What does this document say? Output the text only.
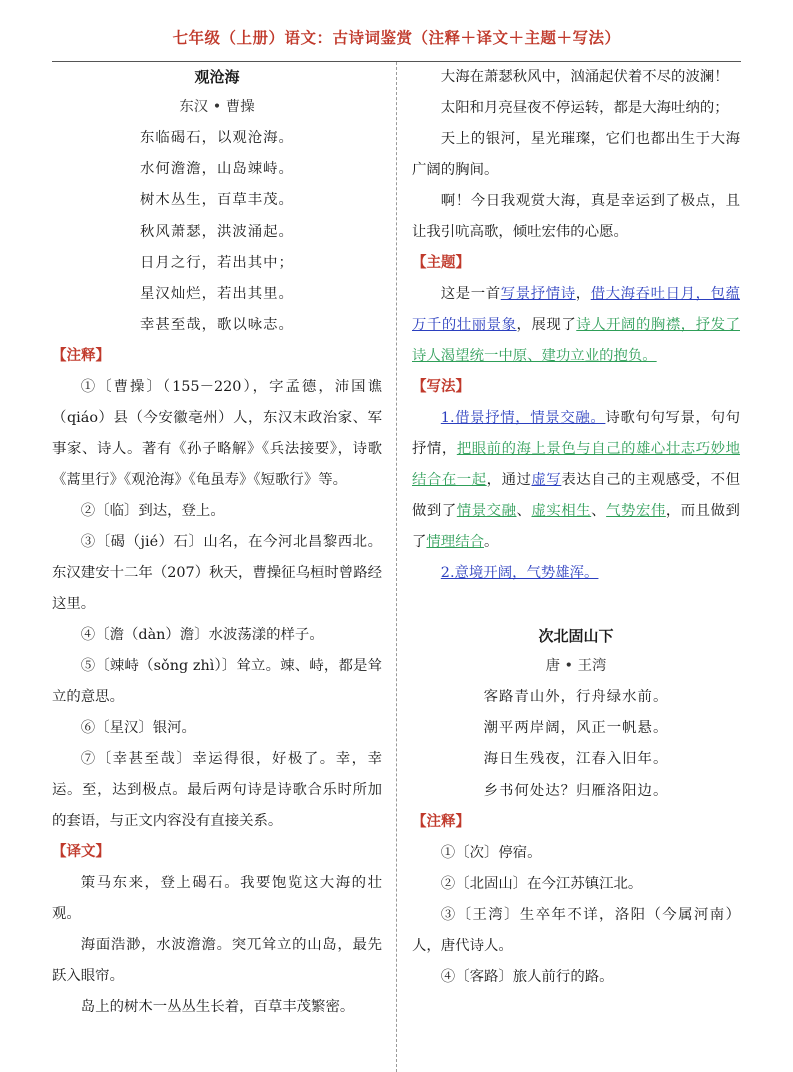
七年级（上册）语文：古诗词鉴赏（注释＋译文＋主题＋写法）
观沧海
东汉 • 曹操
东临碣石，以观沧海。
水何澹澹，山岛竦峙。
树木丛生，百草丰茂。
秋风萧瑟，洪波涌起。
日月之行，若出其中；
星汉灿烂，若出其里。
幸甚至哉，歌以咏志。
【注释】
①〔曹操〕（155－220），字孟德，沛国谯（qiáo）县（今安徽亳州）人，东汉末政治家、军事家、诗人。著有《孙子略解》《兵法接要》，诗歌《蒿里行》《观沧海》《龟虽寿》《短歌行》等。
②〔临〕到达，登上。
③〔碣（jié）石〕山名，在今河北昌黎西北。东汉建安十二年（207）秋天，曹操征乌桓时曾路经这里。
④〔澹（dàn）澹〕水波荡漾的样子。
⑤〔竦峙（sǒng zhì）〕耸立。竦、峙，都是耸立的意思。
⑥〔星汉〕银河。
⑦〔幸甚至哉〕幸运得很，好极了。幸，幸运。至，达到极点。最后两句诗是诗歌合乐时所加的套语，与正文内容没有直接关系。
【译文】
策马东来，登上碣石。我要饱览这大海的壮观。
海面浩渺，水波澹澹。突兀耸立的山岛，最先跃入眼帘。
岛上的树木一丛丛生长着，百草丰茂繁密。
大海在萧瑟秋风中，汹涌起伏着不尽的波澜！
太阳和月亮昼夜不停运转，都是大海吐纳的；
天上的银河，星光璀璨，它们也都出生于大海广阔的胸间。
啊！今日我观赏大海，真是幸运到了极点，且让我引吭高歌，倾吐宏伟的心愿。
【主题】
这是一首写景抒情诗，借大海吞吐日月，包蕴万千的壮丽景象，展现了诗人开阔的胸襟，抒发了诗人渴望统一中原、建功立业的抱负。
【写法】
1.借景抒情，情景交融。诗歌句句写景，句句抒情，把眼前的海上景色与自己的雄心壮志巧妙地结合在一起，通过虚写表达自己的主观感受，不但做到了情景交融、虚实相生、气势宏伟，而且做到了情理结合。
2.意境开阔，气势雄浑。
次北固山下
唐 • 王湾
客路青山外，行舟绿水前。
潮平两岸阔，风正一帆悬。
海日生残夜，江春入旧年。
乡书何处达？归雁洛阳边。
【注释】
①〔次〕停宿。
②〔北固山〕在今江苏镇江北。
③〔王湾〕生卒年不详，洛阳（今属河南）人，唐代诗人。
④〔客路〕旅人前行的路。
